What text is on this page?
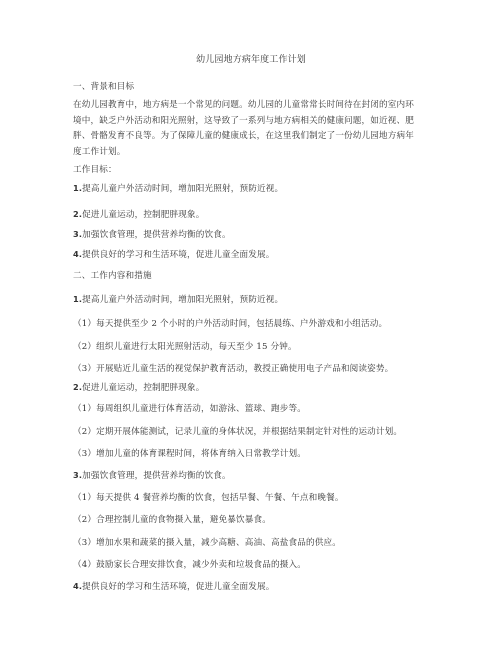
幼儿园地方病年度工作计划
一、背景和目标
在幼儿园教育中，地方病是一个常见的问题。幼儿园的儿童常常长时间待在封闭的室内环
境中，缺乏户外活动和阳光照射，这导致了一系列与地方病相关的健康问题，如近视、肥
胖、骨骼发育不良等。为了保障儿童的健康成长，在这里我们制定了一份幼儿园地方病年
度工作计划。
工作目标：
1.提高儿童户外活动时间，增加阳光照射，预防近视。
2.促进儿童运动，控制肥胖现象。
3.加强饮食管理，提供营养均衡的饮食。
4.提供良好的学习和生活环境，促进儿童全面发展。
二、工作内容和措施
1.提高儿童户外活动时间，增加阳光照射，预防近视。
（1）每天提供至少 2 个小时的户外活动时间，包括晨练、户外游戏和小组活动。
（2）组织儿童进行太阳光照射活动，每天至少 15 分钟。
（3）开展贴近儿童生活的视觉保护教育活动，教授正确使用电子产品和阅读姿势。
2.促进儿童运动，控制肥胖现象。
（1）每周组织儿童进行体育活动，如游泳、篮球、跑步等。
（2）定期开展体能测试，记录儿童的身体状况，并根据结果制定针对性的运动计划。
（3）增加儿童的体育课程时间，将体育纳入日常教学计划。
3.加强饮食管理，提供营养均衡的饮食。
（1）每天提供 4 餐营养均衡的饮食，包括早餐、午餐、午点和晚餐。
（2）合理控制儿童的食物摄入量，避免暴饮暴食。
（3）增加水果和蔬菜的摄入量，减少高糖、高油、高盐食品的供应。
（4）鼓励家长合理安排饮食，减少外卖和垃圾食品的摄入。
4.提供良好的学习和生活环境，促进儿童全面发展。
